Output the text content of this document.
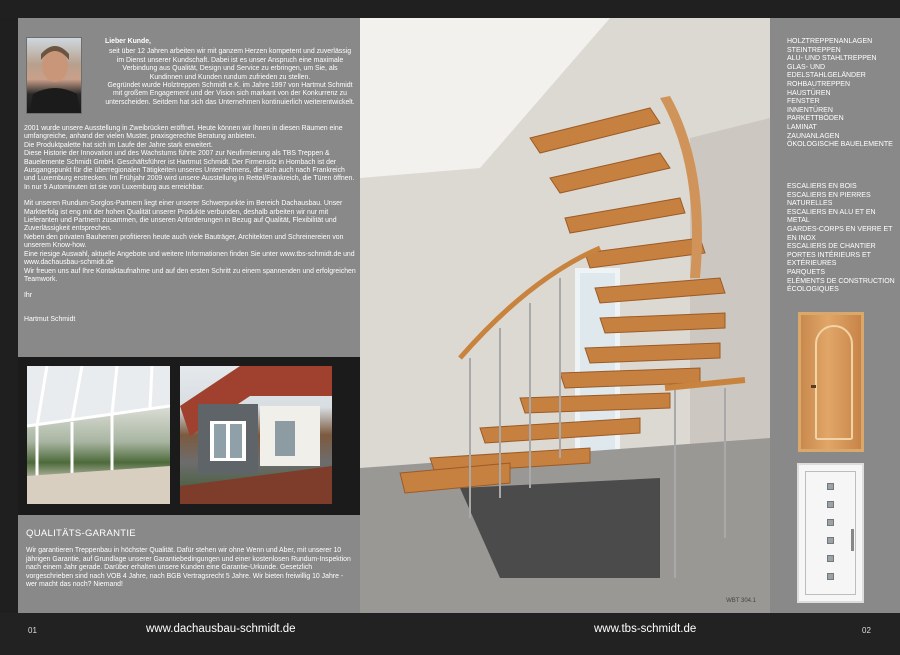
Lieber Kunde,

seit über 12 Jahren arbeiten wir mit ganzem Herzen kompetent und zuverlässig im Dienst unserer Kundschaft. Dabei ist es unser Anspruch eine maximale Verbindung aus Qualität, Design und Service zu erbringen, um Sie, als Kundinnen und Kunden rundum zufrieden zu stellen.

Gegründet wurde Holztreppen Schmidt e.K. im Jahre 1997 von Hartmut Schmidt mit großem Engagement und der Vision sich markant von der Konkurrenz zu unterscheiden. Seitdem hat sich das Unternehmen kontinuierlich weiterentwickelt.

2001 wurde unsere Ausstellung in Zweibrücken eröffnet. Heute können wir Ihnen in diesen Räumen eine umfangreiche, anhand der vielen Muster, praxisgerechte Beratung anbieten.

Die Produktpalette hat sich im Laufe der Jahre stark erweitert.

Diese Historie der Innovation und des Wachstums führte 2007 zur Neufirmierung als TBS Treppen & Bauelemente Schmidt GmbH. Geschäftsführer ist Hartmut Schmidt. Der Firmensitz in Hombach ist der Ausgangspunkt für die überregionalen Tätigkeiten unseres Unternehmens, die sich auch nach Frankreich und Luxemburg erstrecken. Im Frühjahr 2009 wird unsere Ausstellung in Rettel/Frankreich, die Türen öffnen. In nur 5 Autominuten ist sie von Luxemburg aus erreichbar.

Mit unseren Rundum-Sorglos-Partnern liegt einer unserer Schwerpunkte im Bereich Dachausbau. Unser Markterfolg ist eng mit der hohen Qualität unserer Produkte verbunden, deshalb arbeiten wir nur mit Lieferanten und Partnern zusammen, die unseren Anforderungen in Bezug auf Qualität, Flexibilität und Zuverlässigkeit entsprechen.

Neben den privaten Bauherren profitieren heute auch viele Bauträger, Architekten und Schreinereien von unserem Know-how.

Eine riesige Auswahl, aktuelle Angebote und weitere Informationen finden Sie unter www.tbs-schmidt.de und www.dachausbau-schmidt.de

Wir freuen uns auf Ihre Kontaktaufnahme und auf den ersten Schritt zu einem spannenden und erfolgreichen Teamwork.

Ihr
Hartmut Schmidt
QUALITÄTS-GARANTIE
Wir garantieren Treppenbau in höchster Qualität. Dafür stehen wir ohne Wenn und Aber, mit unserer 10 jährigen Garantie, auf Grundlage unserer Garantiebedingungen und einer kostenlosen Rundum-Inspektion nach einem Jahr gerade. Darüber erhalten unsere Kunden eine Garantie-Urkunde. Gesetzlich vorgeschrieben sind nach VOB 4 Jahre, nach BGB Vertragsrecht 5 Jahre. Wir bieten freiwillig 10 Jahre - wer macht das noch? Niemand!
WBT 304.1
HOLZTREPPENANLAGEN
STEINTREPPEN
ALU- UND STAHLTREPPEN
GLAS- UND EDELSTAHLGELÄNDER
ROHBAUTREPPEN
HAUSTÜREN
FENSTER
INNENTÜREN
PARKETTBÖDEN
LAMINAT
ZAUNANLAGEN
ÖKOLOGISCHE BAUELEMENTE
ESCALIERS EN BOIS
ESCALIERS EN PIERRES NATURELLES
ESCALIERS EN ALU ET EN METAL
GARDES-CORPS EN VERRE ET EN INOX
ESCALIERS DE CHANTIER
PORTES INTÉRIEURS ET EXTÉRIEURES
PARQUETS
ELÉMENTS DE CONSTRUCTION ÉCOLOGIQUES
01	www.dachausbau-schmidt.de	www.tbs-schmidt.de	02
